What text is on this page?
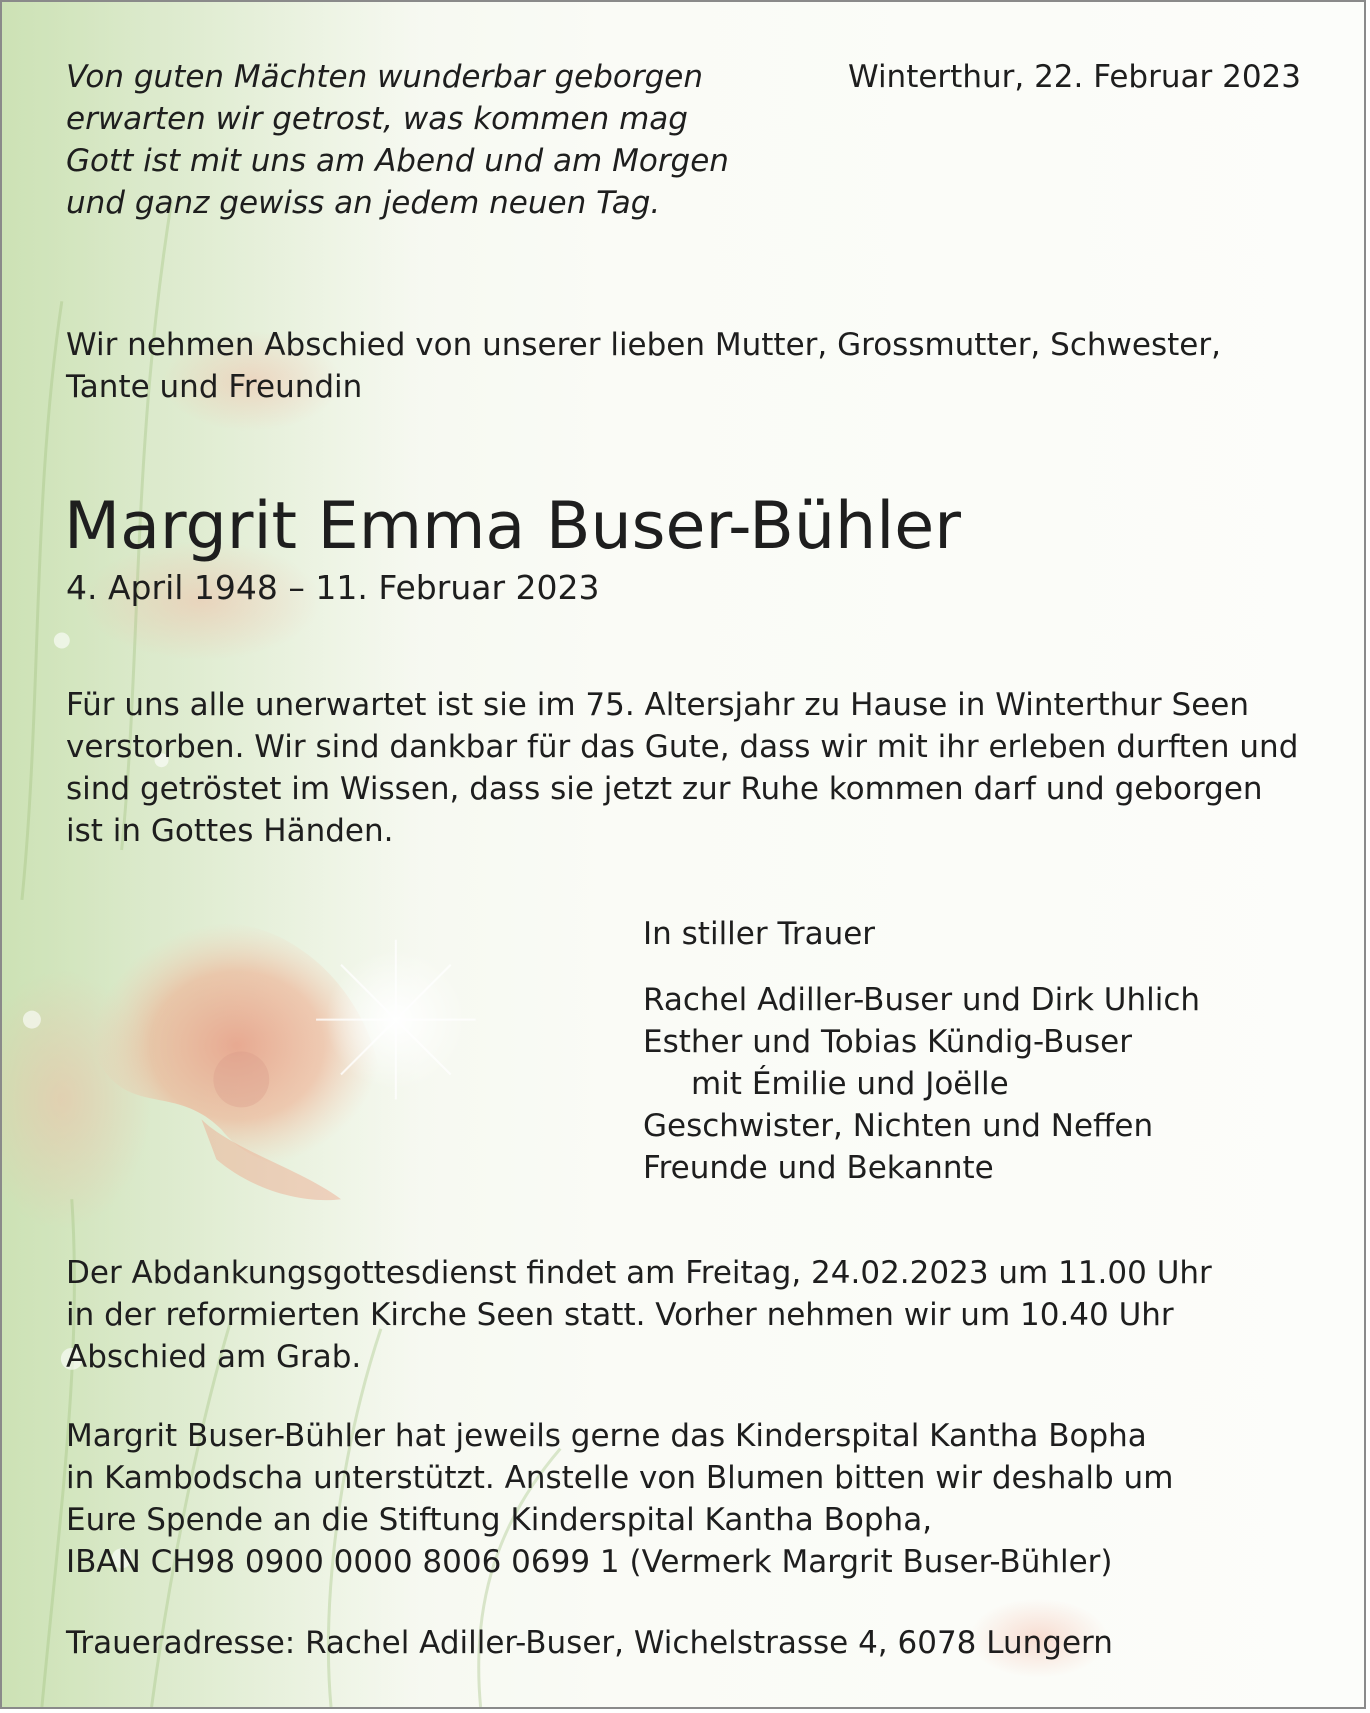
Von guten Mächten wunderbar geborgen
erwarten wir getrost, was kommen mag
Gott ist mit uns am Abend und am Morgen
und ganz gewiss an jedem neuen Tag.

Winterthur, 22. Februar 2023

Wir nehmen Abschied von unserer lieben Mutter, Grossmutter, Schwester,
Tante und Freundin

Margrit Emma Buser-Bühler

4. April 1948 – 11. Februar 2023

Für uns alle unerwartet ist sie im 75. Altersjahr zu Hause in Winterthur Seen
verstorben. Wir sind dankbar für das Gute, dass wir mit ihr erleben durften und
sind getröstet im Wissen, dass sie jetzt zur Ruhe kommen darf und geborgen
ist in Gottes Händen.

In stiller Trauer

Rachel Adiller-Buser und Dirk Uhlich
Esther und Tobias Kündig-Buser
mit Émilie und Joëlle
Geschwister, Nichten und Neffen
Freunde und Bekannte

Der Abdankungsgottesdienst findet am Freitag, 24.02.2023 um 11.00 Uhr
in der reformierten Kirche Seen statt. Vorher nehmen wir um 10.40 Uhr
Abschied am Grab.

Margrit Buser-Bühler hat jeweils gerne das Kinderspital Kantha Bopha
in Kambodscha unterstützt. Anstelle von Blumen bitten wir deshalb um
Eure Spende an die Stiftung Kinderspital Kantha Bopha,
IBAN CH98 0900 0000 8006 0699 1 (Vermerk Margrit Buser-Bühler)

Traueradresse: Rachel Adiller-Buser, Wichelstrasse 4, 6078 Lungern
